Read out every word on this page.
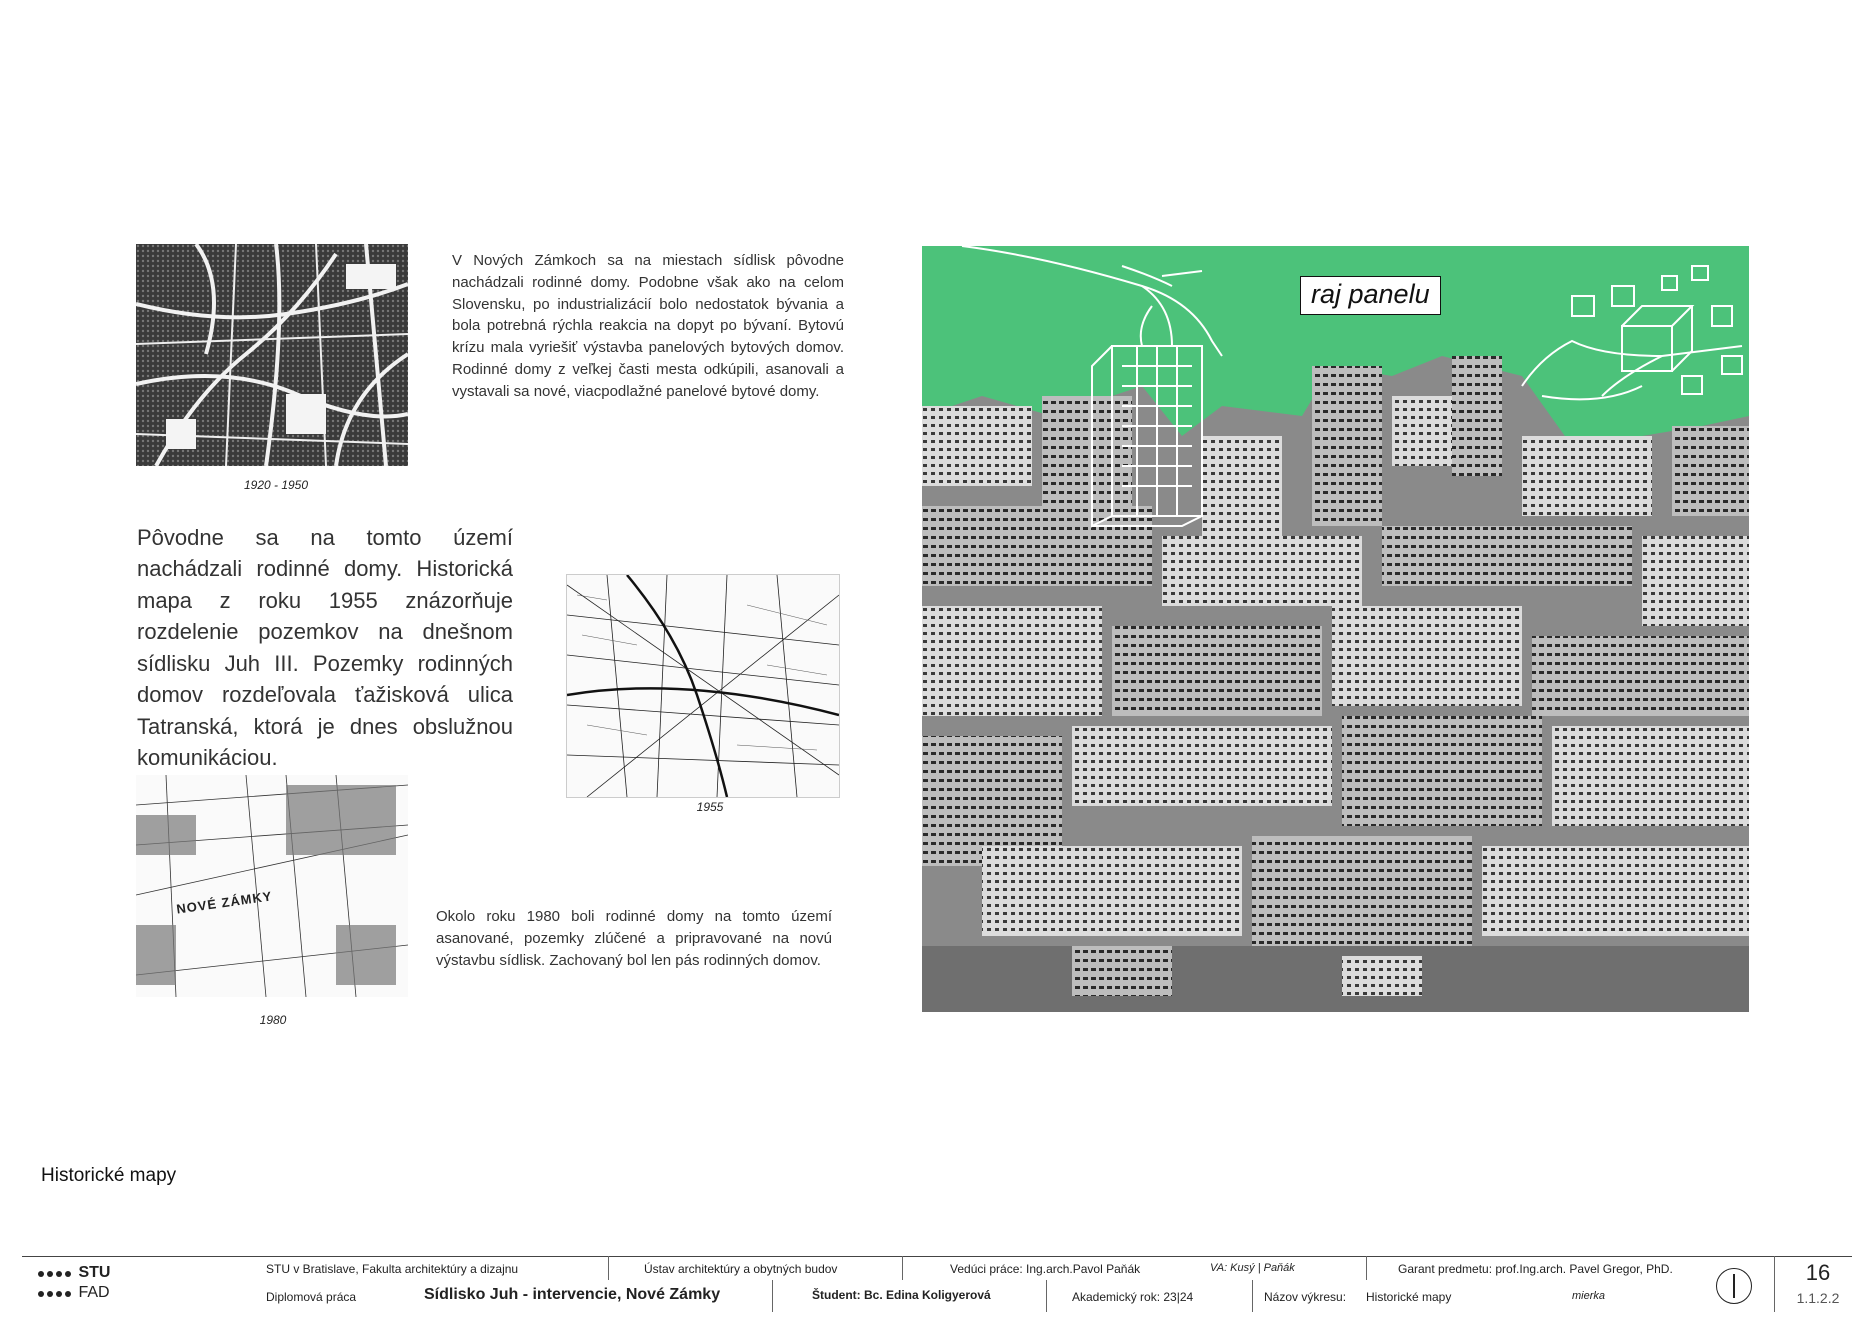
1920 - 1950

V Nových Zámkoch sa na miestach sídlisk pôvodne nachádzali rodinné domy. Podobne však ako na celom Slovensku, po industrializácií bolo nedostatok bývania a bola potrebná rýchla reakcia na dopyt po bývaní. Bytovú krízu mala vyriešiť výstavba panelových bytových domov. Rodinné domy z veľkej časti mesta odkúpili, asanovali a vystavali sa nové, viacpodlažné panelové bytové domy.

Pôvodne sa na tomto území nachádzali rodinné domy. Historická mapa z roku 1955 znázorňuje rozdelenie pozemkov na dnešnom sídlisku Juh III. Pozemky rodinných domov rozdeľovala ťažisková ulica Tatranská, ktorá je dnes obslužnou komunikáciou.

1955
NOVÉ ZÁMKY
1980

Okolo roku 1980 boli rodinné domy na tomto území asanované, pozemky zlúčené a pripravované na novú výstavbu sídlisk. Zachovaný bol len pás rodinných domov.

raj panelu
Historické mapy
STU
FAD
STU v Bratislave, Fakulta architektúry a dizajnu
Diplomová práca
Ústav architektúry a obytných budov
Sídlisko Juh - intervencie, Nové Zámky
Vedúci práce: Ing.arch.Pavol Paňák	VA: Kusý | Paňák
Študent: Bc. Edina Koligyerová	Akademický rok: 23|24	Názov výkresu: Historické mapy
Garant predmetu: prof.Ing.arch. Pavel Gregor, PhD.
mierka
16
1.1.2.2
